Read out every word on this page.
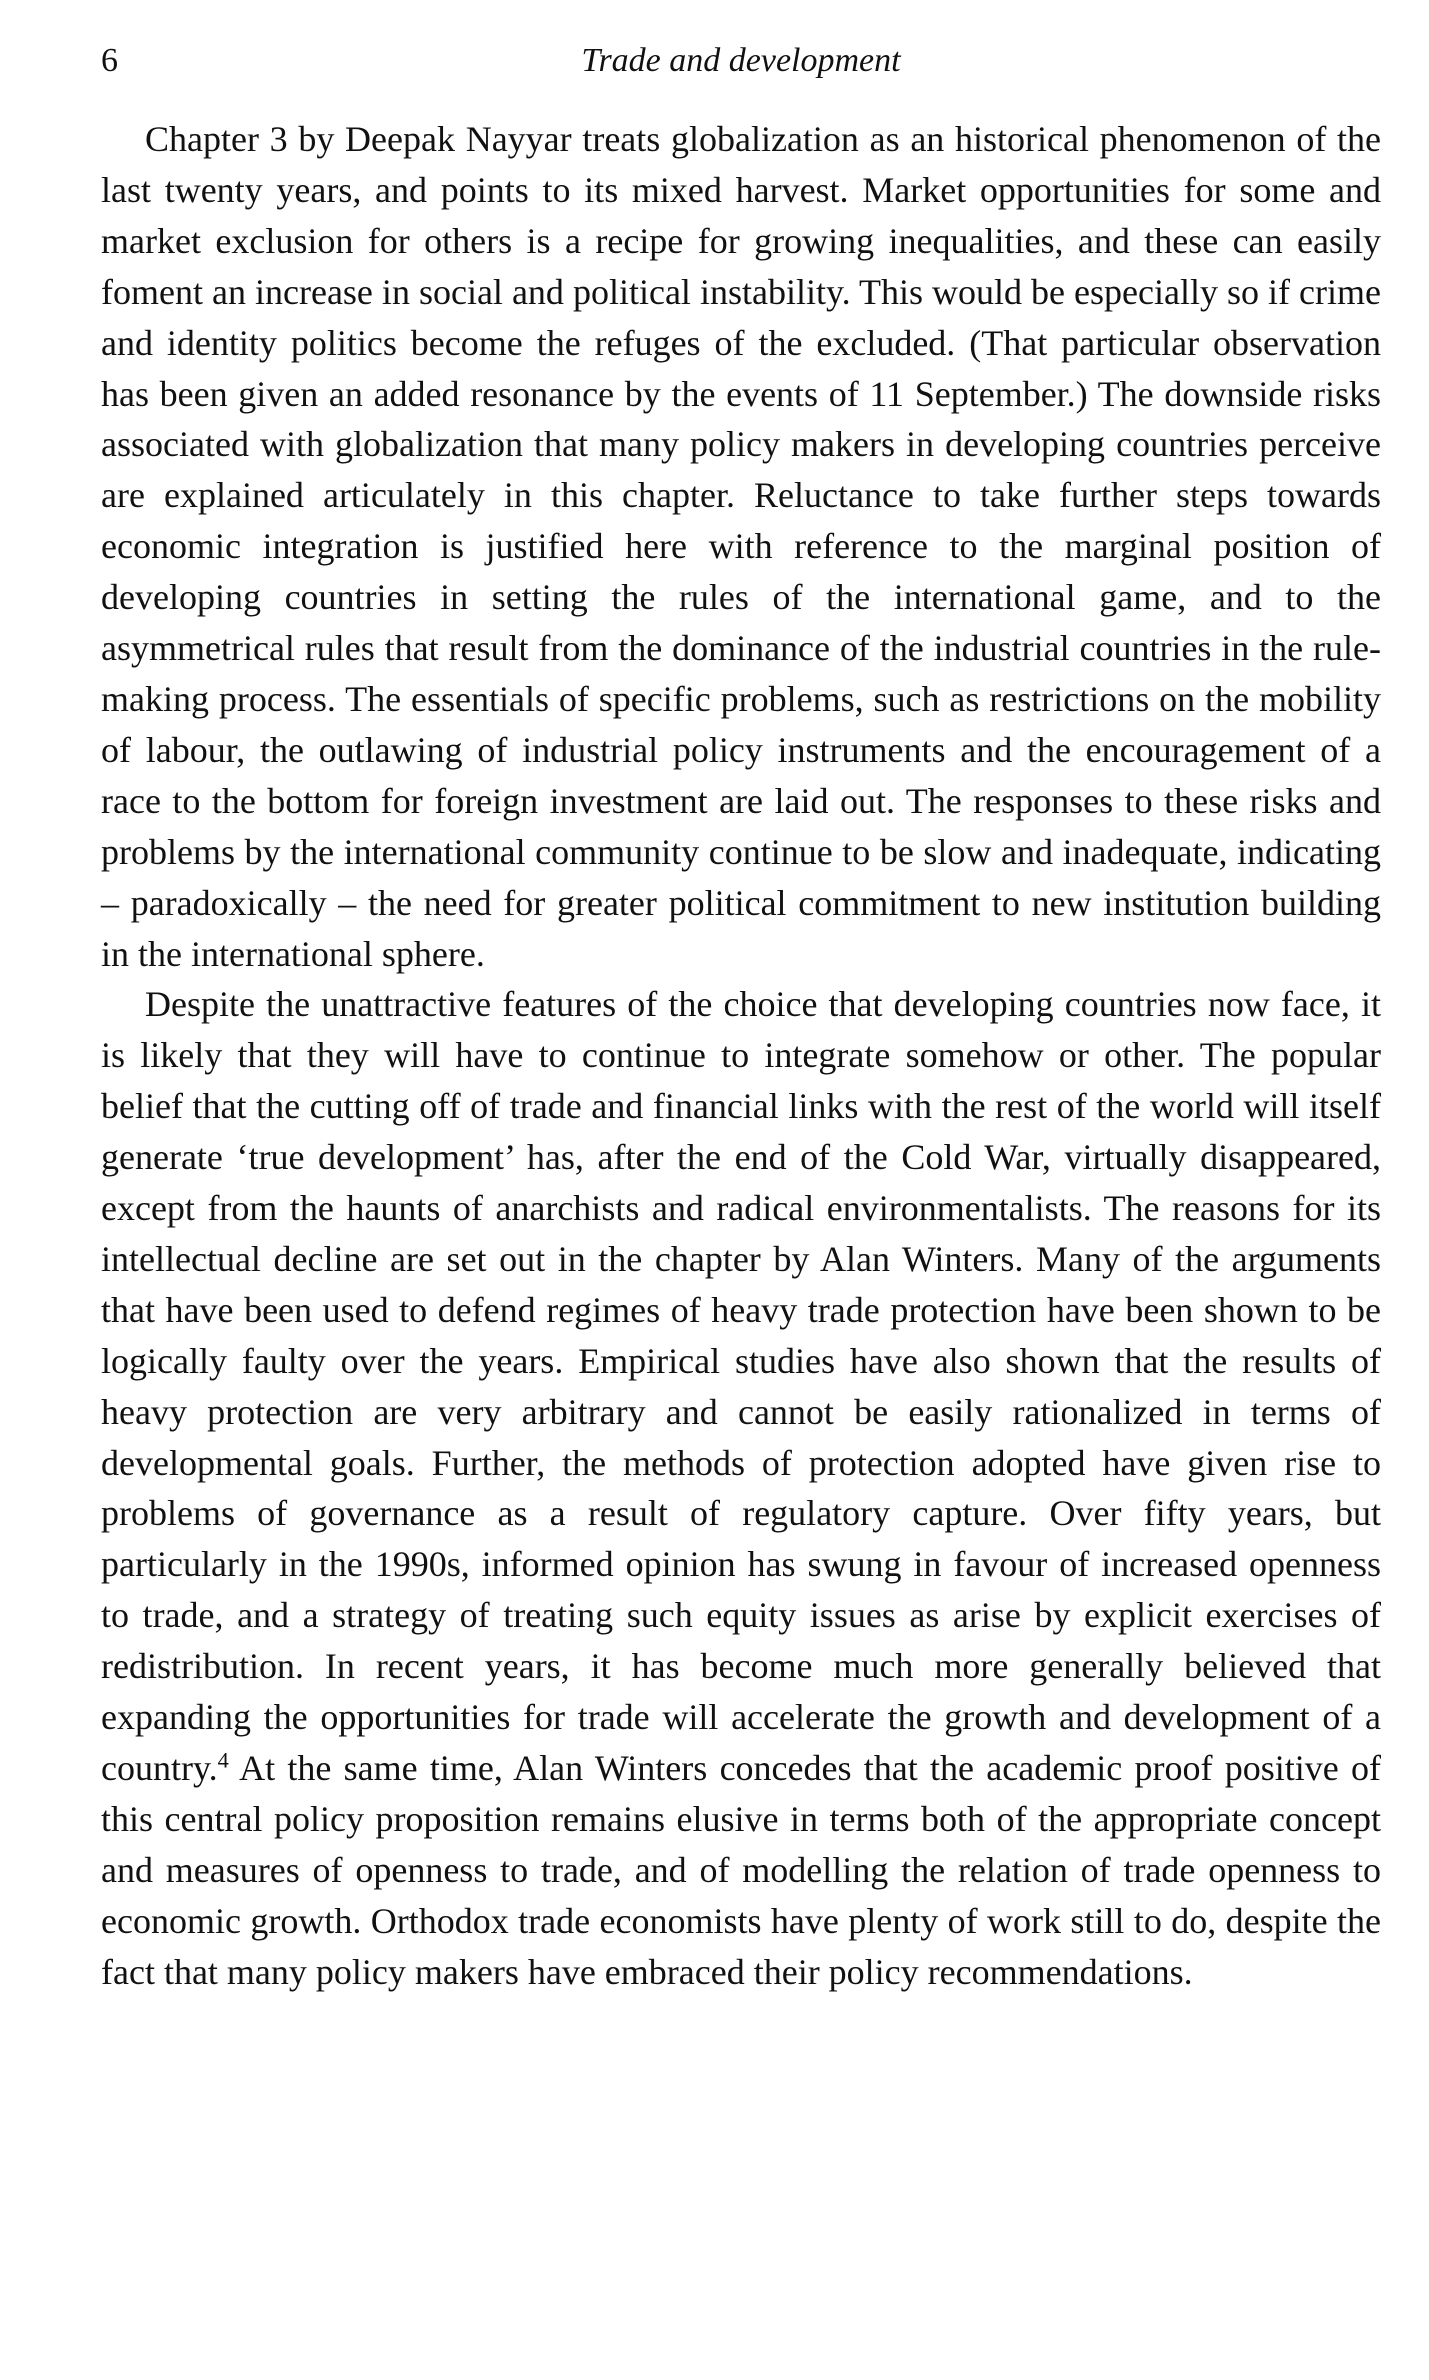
6	Trade and development

Chapter 3 by Deepak Nayyar treats globalization as an historical phenomenon of the last twenty years, and points to its mixed harvest. Market opportunities for some and market exclusion for others is a recipe for growing inequalities, and these can easily foment an increase in social and political instability. This would be especially so if crime and identity politics become the refuges of the excluded. (That particular observation has been given an added resonance by the events of 11 September.) The downside risks associated with globalization that many policy makers in developing countries perceive are explained articulately in this chapter. Reluctance to take further steps towards economic integration is justified here with reference to the marginal position of developing countries in setting the rules of the international game, and to the asymmetrical rules that result from the dominance of the industrial countries in the rule-making process. The essentials of specific problems, such as restrictions on the mobility of labour, the outlawing of industrial policy instruments and the encouragement of a race to the bottom for foreign investment are laid out. The responses to these risks and problems by the international community continue to be slow and inadequate, indicating – paradoxically – the need for greater political commitment to new institution building in the international sphere.

Despite the unattractive features of the choice that developing countries now face, it is likely that they will have to continue to integrate somehow or other. The popular belief that the cutting off of trade and financial links with the rest of the world will itself generate ‘true development’ has, after the end of the Cold War, virtually disappeared, except from the haunts of anarchists and radical environmentalists. The reasons for its intellectual decline are set out in the chapter by Alan Winters. Many of the arguments that have been used to defend regimes of heavy trade protection have been shown to be logically faulty over the years. Empirical studies have also shown that the results of heavy protection are very arbitrary and cannot be easily rationalized in terms of developmental goals. Further, the methods of protection adopted have given rise to problems of governance as a result of regulatory capture. Over fifty years, but particularly in the 1990s, informed opinion has swung in favour of increased openness to trade, and a strategy of treating such equity issues as arise by explicit exercises of redistribution. In recent years, it has become much more generally believed that expanding the opportunities for trade will accelerate the growth and development of a country.$^4$ At the same time, Alan Winters concedes that the academic proof positive of this central policy proposition remains elusive in terms both of the appropriate concept and measures of openness to trade, and of modelling the relation of trade openness to economic growth. Orthodox trade economists have plenty of work still to do, despite the fact that many policy makers have embraced their policy recommendations.
